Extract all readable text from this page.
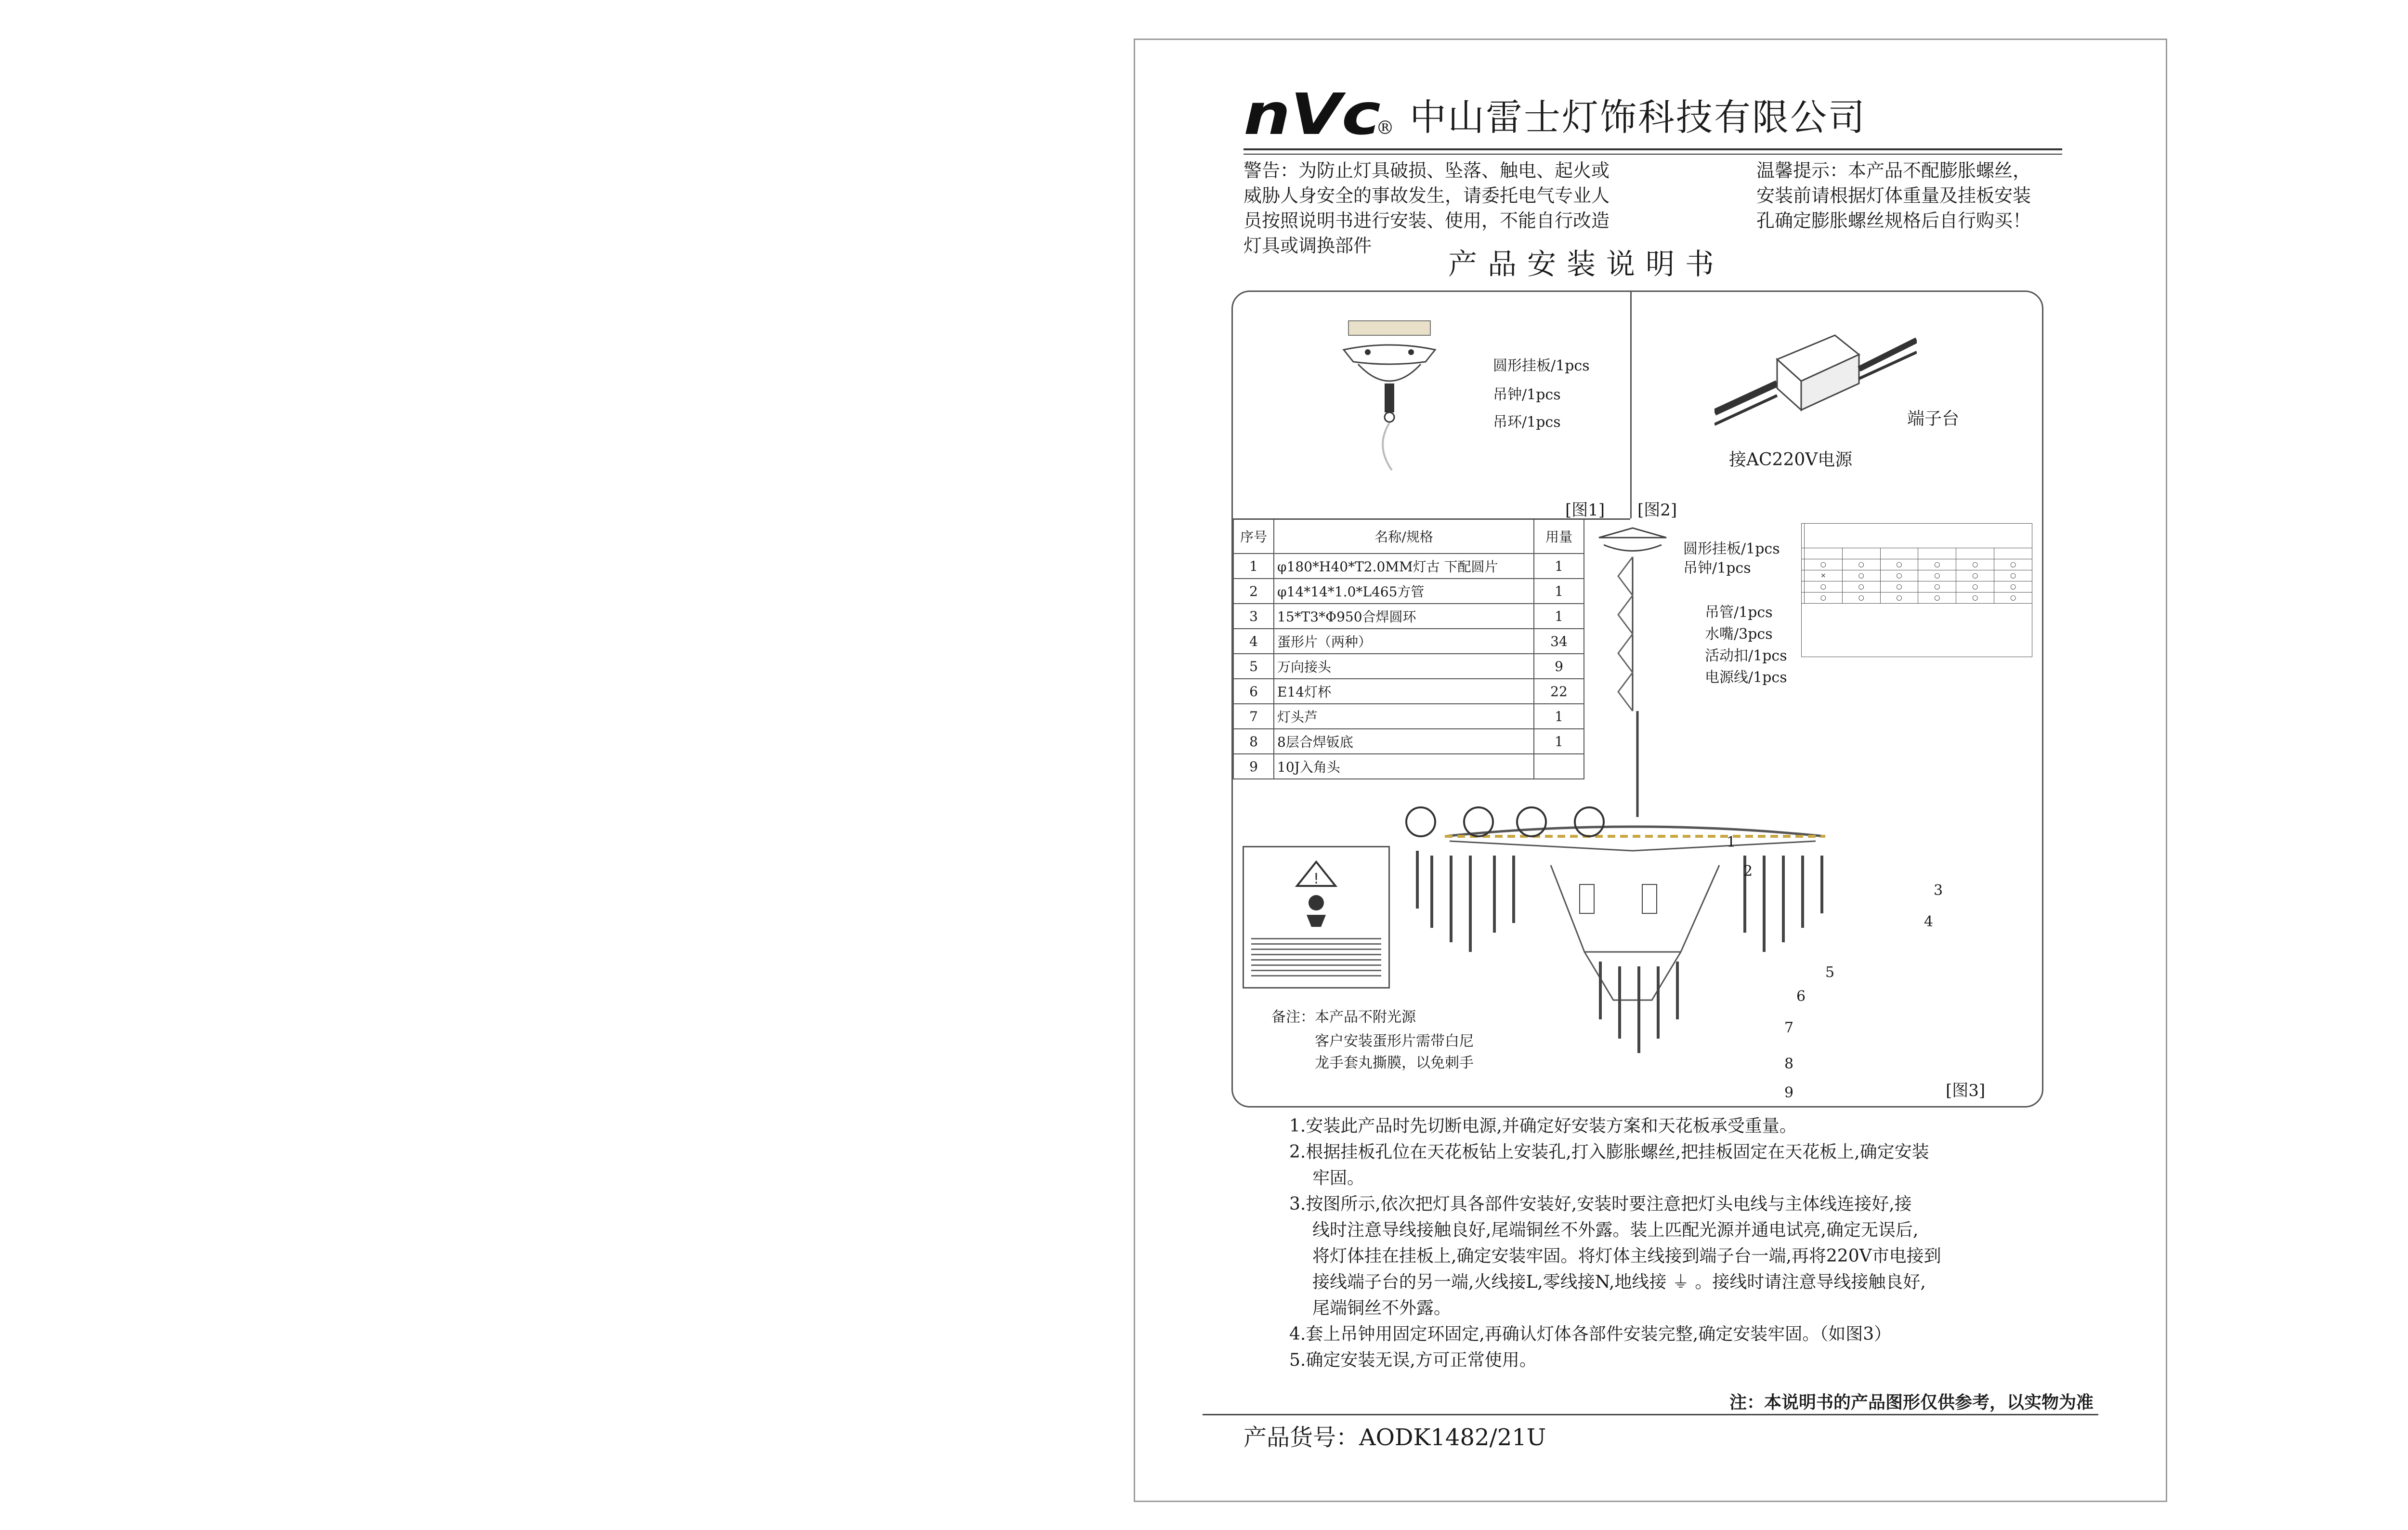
nVc
® 中山雷士灯饰科技有限公司
警告：为防止灯具破损、坠落、触电、起火或
威胁人身安全的事故发生，请委托电气专业人
员按照说明书进行安装、使用，不能自行改造
灯具或调换部件
温馨提示：本产品不配膨胀螺丝，
安装前请根据灯体重量及挂板安装
孔确定膨胀螺丝规格后自行购买！
产品安装说明书
圆形挂板/1pcs
吊钟/1pcs
吊环/1pcs
[图1]
端子台
接AC220V电源
[图2]
序号	名称/规格	用量
1	φ180*H40*T2.0MM灯古 下配圆片	1
2	φ14*14*1.0*L465方管	1
3	15*T3*Φ950合焊圆环	1
4	蛋形片（两种）	34
5	万向接头	9
6	E14灯杯	22
7	灯头芦	1
8	8层合焊钣底	1
9	10J入角头	

	○	○	○	○	○	○
	×	○	○	○	○	○
	○	○	○	○	○	○
	○	○	○	○	○	○

圆形挂板/1pcs
吊钟/1pcs
吊管/1pcs
水嘴/3pcs
活动扣/1pcs
电源线/1pcs
1
2
3
4
5
6
7
8
9
!
备注：本产品不附光源
客户安装蛋形片需带白尼
龙手套丸撕膜，以免刺手
[图3]

1.安装此产品时先切断电源,并确定好安装方案和天花板承受重量。

2.根据挂板孔位在天花板钻上安装孔,打入膨胀螺丝,把挂板固定在天花板上,确定安装

牢固。

3.按图所示,依次把灯具各部件安装好,安装时要注意把灯头电线与主体线连接好,接

线时注意导线接触良好,尾端铜丝不外露。装上匹配光源并通电试亮,确定无误后,

将灯体挂在挂板上,确定安装牢固。将灯体主线接到端子台一端,再将220V市电接到

接线端子台的另一端,火线接L,零线接N,地线接 ⏚ 。接线时请注意导线接触良好,

尾端铜丝不外露。

4.套上吊钟用固定环固定,再确认灯体各部件安装完整,确定安装牢固。（如图3）

5.确定安装无误,方可正常使用。

注：本说明书的产品图形仅供参考，以实物为准
产品货号：AODK1482/21U
